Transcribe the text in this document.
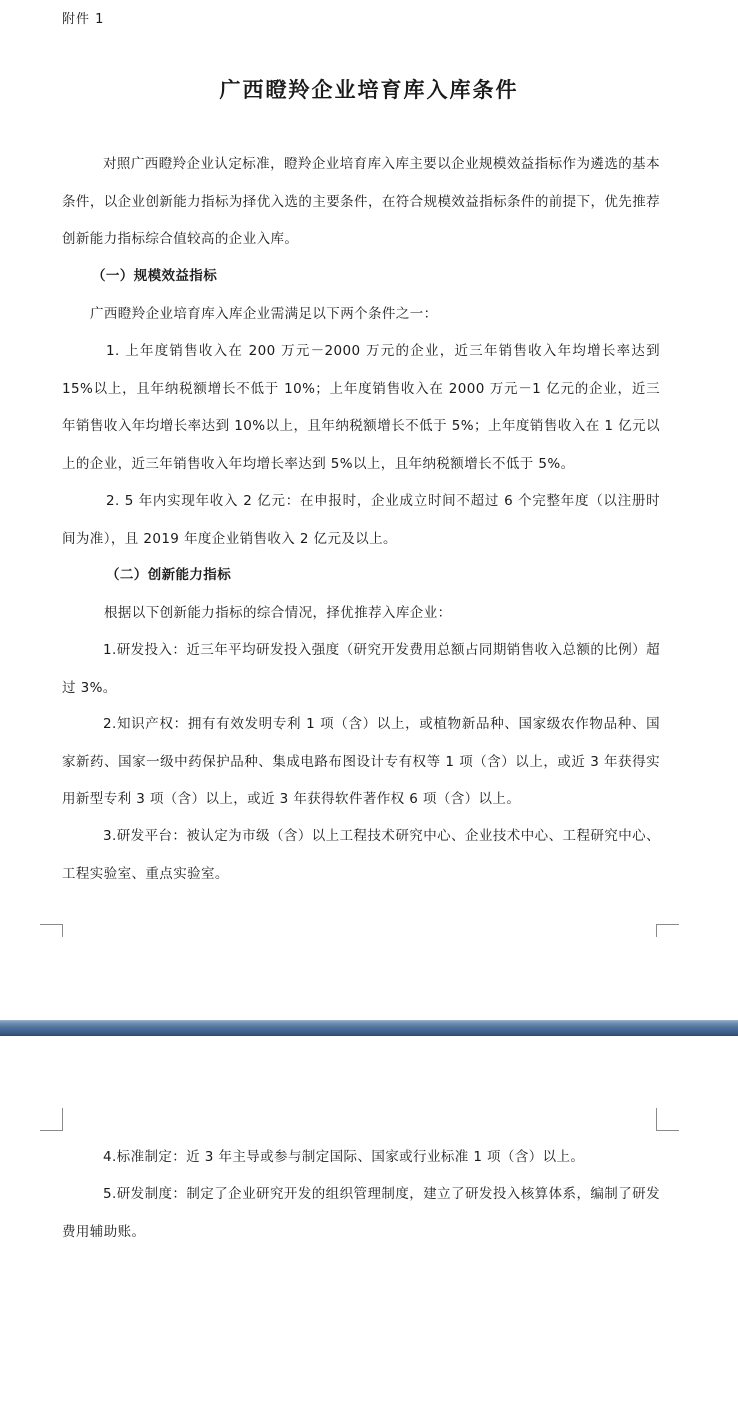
附件 1
广西瞪羚企业培育库入库条件

对照广西瞪羚企业认定标准，瞪羚企业培育库入库主要以企业规模效益指标作为遴选的基本条件，以企业创新能力指标为择优入选的主要条件，在符合规模效益指标条件的前提下，优先推荐创新能力指标综合值较高的企业入库。

（一）规模效益指标

广西瞪羚企业培育库入库企业需满足以下两个条件之一：

1. 上年度销售收入在 200 万元－2000 万元的企业，近三年销售收入年均增长率达到 15%以上，且年纳税额增长不低于 10%；上年度销售收入在 2000 万元－1 亿元的企业，近三年销售收入年均增长率达到 10%以上，且年纳税额增长不低于 5%；上年度销售收入在 1 亿元以上的企业，近三年销售收入年均增长率达到 5%以上，且年纳税额增长不低于 5%。

2. 5 年内实现年收入 2 亿元：在申报时，企业成立时间不超过 6 个完整年度（以注册时间为准），且 2019 年度企业销售收入 2 亿元及以上。

（二）创新能力指标

根据以下创新能力指标的综合情况，择优推荐入库企业：

1.研发投入：近三年平均研发投入强度（研究开发费用总额占同期销售收入总额的比例）超过 3%。

2.知识产权：拥有有效发明专利 1 项（含）以上，或植物新品种、国家级农作物品种、国家新药、国家一级中药保护品种、集成电路布图设计专有权等 1 项（含）以上，或近 3 年获得实用新型专利 3 项（含）以上，或近 3 年获得软件著作权 6 项（含）以上。

3.研发平台：被认定为市级（含）以上工程技术研究中心、企业技术中心、工程研究中心、工程实验室、重点实验室。

4.标准制定：近 3 年主导或参与制定国际、国家或行业标准 1 项（含）以上。

5.研发制度：制定了企业研究开发的组织管理制度，建立了研发投入核算体系，编制了研发费用辅助账。
